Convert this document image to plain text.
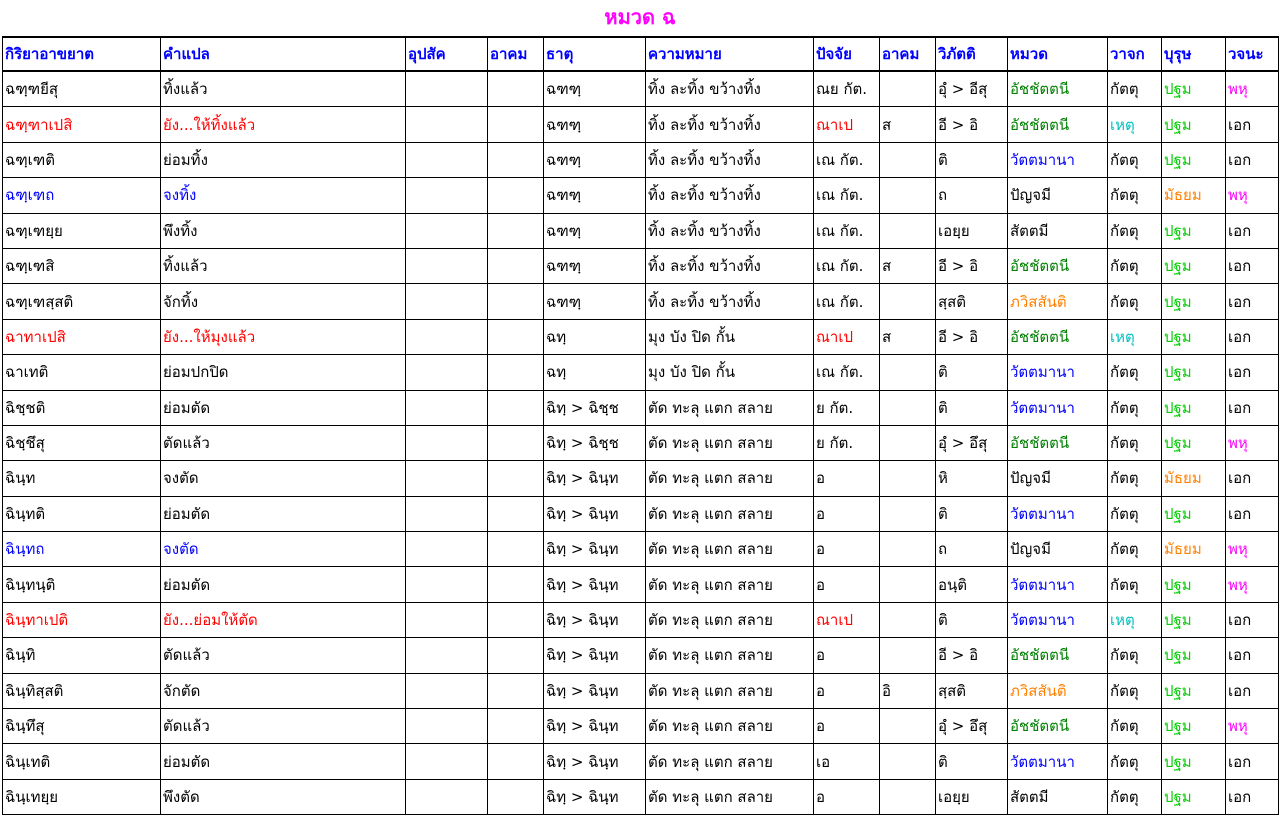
หมวด ฉ
กิริยาอาขยาต	คำแปล	อุปสัค	อาคม	ธาตุ	ความหมาย	ปัจจัย	อาคม	วิภัตติ	หมวด	วาจก	บุรุษ	วจนะ
ฉฑฺฑยีสุ	ทิ้งแล้ว			ฉฑฑฺ	ทิ้ง ละทิ้ง ขว้างทิ้ง	ณย กัต.		อุํ > อีสุ	อัชชัตตนี	กัตตุ	ปฐม	พหุ
ฉฑฺฑาเปสิ	ยัง...ให้ทิ้งแล้ว			ฉฑฑฺ	ทิ้ง ละทิ้ง ขว้างทิ้ง	ณาเป	ส	อี > อิ	อัชชัตตนี	เหตุ	ปฐม	เอก
ฉฑฺเฑติ	ย่อมทิ้ง			ฉฑฑฺ	ทิ้ง ละทิ้ง ขว้างทิ้ง	เณ กัต.		ติ	วัตตมานา	กัตตุ	ปฐม	เอก
ฉฑฺเฑถ	จงทิ้ง			ฉฑฑฺ	ทิ้ง ละทิ้ง ขว้างทิ้ง	เณ กัต.		ถ	ปัญจมี	กัตตุ	มัธยม	พหุ
ฉฑฺเฑยฺย	พึงทิ้ง			ฉฑฑฺ	ทิ้ง ละทิ้ง ขว้างทิ้ง	เณ กัต.		เอยฺย	สัตตมี	กัตตุ	ปฐม	เอก
ฉฑฺเฑสิ	ทิ้งแล้ว			ฉฑฑฺ	ทิ้ง ละทิ้ง ขว้างทิ้ง	เณ กัต.	ส	อี > อิ	อัชชัตตนี	กัตตุ	ปฐม	เอก
ฉฑฺเฑสฺสติ	จักทิ้ง			ฉฑฑฺ	ทิ้ง ละทิ้ง ขว้างทิ้ง	เณ กัต.		สฺสติ	ภวิสสันติ	กัตตุ	ปฐม	เอก
ฉาทาเปสิ	ยัง...ให้มุงแล้ว			ฉทฺ	มุง บัง ปิด กั้น	ณาเป	ส	อี > อิ	อัชชัตตนี	เหตุ	ปฐม	เอก
ฉาเทติ	ย่อมปกปิด			ฉทฺ	มุง บัง ปิด กั้น	เณ กัต.		ติ	วัตตมานา	กัตตุ	ปฐม	เอก
ฉิชฺชติ	ย่อมตัด			ฉิทฺ > ฉิชฺช	ตัด ทะลุ แตก สลาย	ย กัต.		ติ	วัตตมานา	กัตตุ	ปฐม	เอก
ฉิชฺชึสุ	ตัดแล้ว			ฉิทฺ > ฉิชฺช	ตัด ทะลุ แตก สลาย	ย กัต.		อุํ > อึสุ	อัชชัตตนี	กัตตุ	ปฐม	พหุ
ฉินฺท	จงตัด			ฉิทฺ > ฉินฺท	ตัด ทะลุ แตก สลาย	อ		หิ	ปัญจมี	กัตตุ	มัธยม	เอก
ฉินฺทติ	ย่อมตัด			ฉิทฺ > ฉินฺท	ตัด ทะลุ แตก สลาย	อ		ติ	วัตตมานา	กัตตุ	ปฐม	เอก
ฉินฺทถ	จงตัด			ฉิทฺ > ฉินฺท	ตัด ทะลุ แตก สลาย	อ		ถ	ปัญจมี	กัตตุ	มัธยม	พหุ
ฉินฺทนฺติ	ย่อมตัด			ฉิทฺ > ฉินฺท	ตัด ทะลุ แตก สลาย	อ		อนฺติ	วัตตมานา	กัตตุ	ปฐม	พหุ
ฉินฺทาเปติ	ยัง...ย่อมให้ตัด			ฉิทฺ > ฉินฺท	ตัด ทะลุ แตก สลาย	ณาเป		ติ	วัตตมานา	เหตุ	ปฐม	เอก
ฉินฺทิ	ตัดแล้ว			ฉิทฺ > ฉินฺท	ตัด ทะลุ แตก สลาย	อ		อี > อิ	อัชชัตตนี	กัตตุ	ปฐม	เอก
ฉินฺทิสฺสติ	จักตัด			ฉิทฺ > ฉินฺท	ตัด ทะลุ แตก สลาย	อ	อิ	สฺสติ	ภวิสสันติ	กัตตุ	ปฐม	เอก
ฉินฺทึสุ	ตัดแล้ว			ฉิทฺ > ฉินฺท	ตัด ทะลุ แตก สลาย	อ		อุํ > อึสุ	อัชชัตตนี	กัตตุ	ปฐม	พหุ
ฉินฺเทติ	ย่อมตัด			ฉิทฺ > ฉินฺท	ตัด ทะลุ แตก สลาย	เอ		ติ	วัตตมานา	กัตตุ	ปฐม	เอก
ฉินฺเทยฺย	พึงตัด			ฉิทฺ > ฉินฺท	ตัด ทะลุ แตก สลาย	อ		เอยฺย	สัตตมี	กัตตุ	ปฐม	เอก
